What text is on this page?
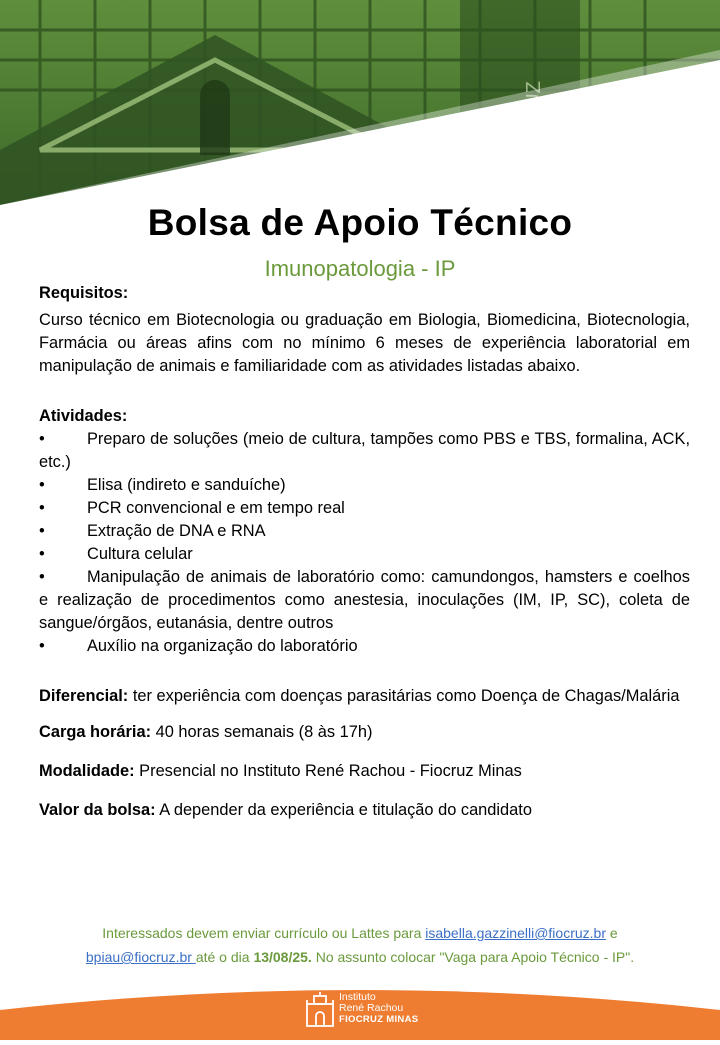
Bolsa de Apoio Técnico
Imunopatologia - IP

Requisitos:

Curso técnico em Biotecnologia ou graduação em Biologia, Biomedicina, Biotecnologia, Farmácia ou áreas afins com no mínimo 6 meses de experiência laboratorial em manipulação de animais e familiaridade com as atividades listadas abaixo.

Atividades:

•	Preparo de soluções (meio de cultura, tampões como PBS e TBS, formalina, ACK, etc.)

•	Elisa (indireto e sanduíche)

•	PCR convencional e em tempo real

•	Extração de DNA e RNA

•	Cultura celular

•	Manipulação de animais de laboratório como: camundongos, hamsters e coelhos e realização de procedimentos como anestesia, inoculações (IM, IP, SC), coleta de sangue/órgãos, eutanásia, dentre outros

•	Auxílio na organização do laboratório

Diferencial: ter experiência com doenças parasitárias como Doença de Chagas/Malária

Carga horária: 40 horas semanais (8 às 17h)

Modalidade: Presencial no Instituto René Rachou - Fiocruz Minas

Valor da bolsa: A depender da experiência e titulação do candidato

Interessados devem enviar currículo ou Lattes para isabella.gazzinelli@fiocruz.br e
bpiau@fiocruz.br até o dia 13/08/25. No assunto colocar "Vaga para Apoio Técnico - IP".
Instituto
René Rachou
FIOCRUZ MINAS
